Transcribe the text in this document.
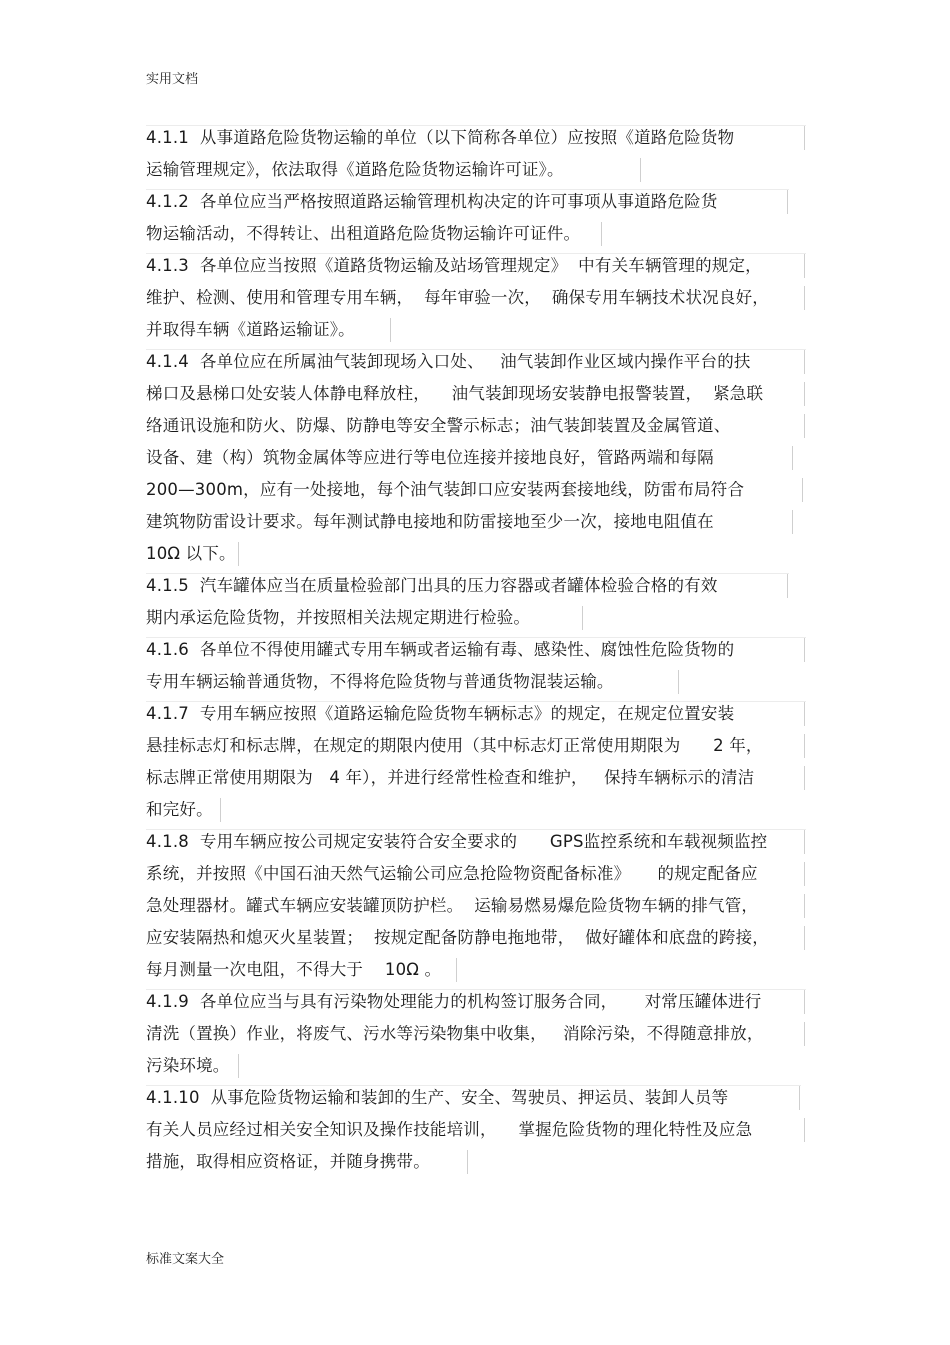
实用文档
4.1.1  从事道路危险货物运输的单位（以下简称各单位）应按照《道路危险货物
运输管理规定》，依法取得《道路危险货物运输许可证》。
4.1.2  各单位应当严格按照道路运输管理机构决定的许可事项从事道路危险货
物运输活动，不得转让、出租道路危险货物运输许可证件。
4.1.3  各单位应当按照《道路货物运输及站场管理规定》  中有关车辆管理的规定，
维护、检测、使用和管理专用车辆，  每年审验一次，  确保专用车辆技术状况良好，
并取得车辆《道路运输证》。
4.1.4  各单位应在所属油气装卸现场入口处、   油气装卸作业区域内操作平台的扶
梯口及悬梯口处安装人体静电释放柱，    油气装卸现场安装静电报警装置，  紧急联
络通讯设施和防火、防爆、防静电等安全警示标志；油气装卸装置及金属管道、
设备、建（构）筑物金属体等应进行等电位连接并接地良好，管路两端和每隔
200—300m，应有一处接地，每个油气装卸口应安装两套接地线，防雷布局符合
建筑物防雷设计要求。每年测试静电接地和防雷接地至少一次，接地电阻值在
10Ω 以下。
4.1.5  汽车罐体应当在质量检验部门出具的压力容器或者罐体检验合格的有效
期内承运危险货物，并按照相关法规定期进行检验。
4.1.6  各单位不得使用罐式专用车辆或者运输有毒、感染性、腐蚀性危险货物的
专用车辆运输普通货物，不得将危险货物与普通货物混装运输。
4.1.7  专用车辆应按照《道路运输危险货物车辆标志》的规定，在规定位置安装
悬挂标志灯和标志牌，在规定的期限内使用（其中标志灯正常使用期限为      2 年，
标志牌正常使用期限为   4 年），并进行经常性检查和维护，   保持车辆标示的清洁
和完好。
4.1.8  专用车辆应按公司规定安装符合安全要求的      GPS监控系统和车载视频监控
系统，并按照《中国石油天然气运输公司应急抢险物资配备标准》     的规定配备应
急处理器材。罐式车辆应安装罐顶防护栏。  运输易燃易爆危险货物车辆的排气管，
应安装隔热和熄灭火星装置；  按规定配备防静电拖地带，  做好罐体和底盘的跨接，
每月测量一次电阻，不得大于    10Ω 。
4.1.9  各单位应当与具有污染物处理能力的机构签订服务合同，     对常压罐体进行
清洗（置换）作业，将废气、污水等污染物集中收集，   消除污染，不得随意排放，
污染环境。
4.1.10  从事危险货物运输和装卸的生产、安全、驾驶员、押运员、装卸人员等
有关人员应经过相关安全知识及操作技能培训，    掌握危险货物的理化特性及应急
措施，取得相应资格证，并随身携带。
标准文案大全
